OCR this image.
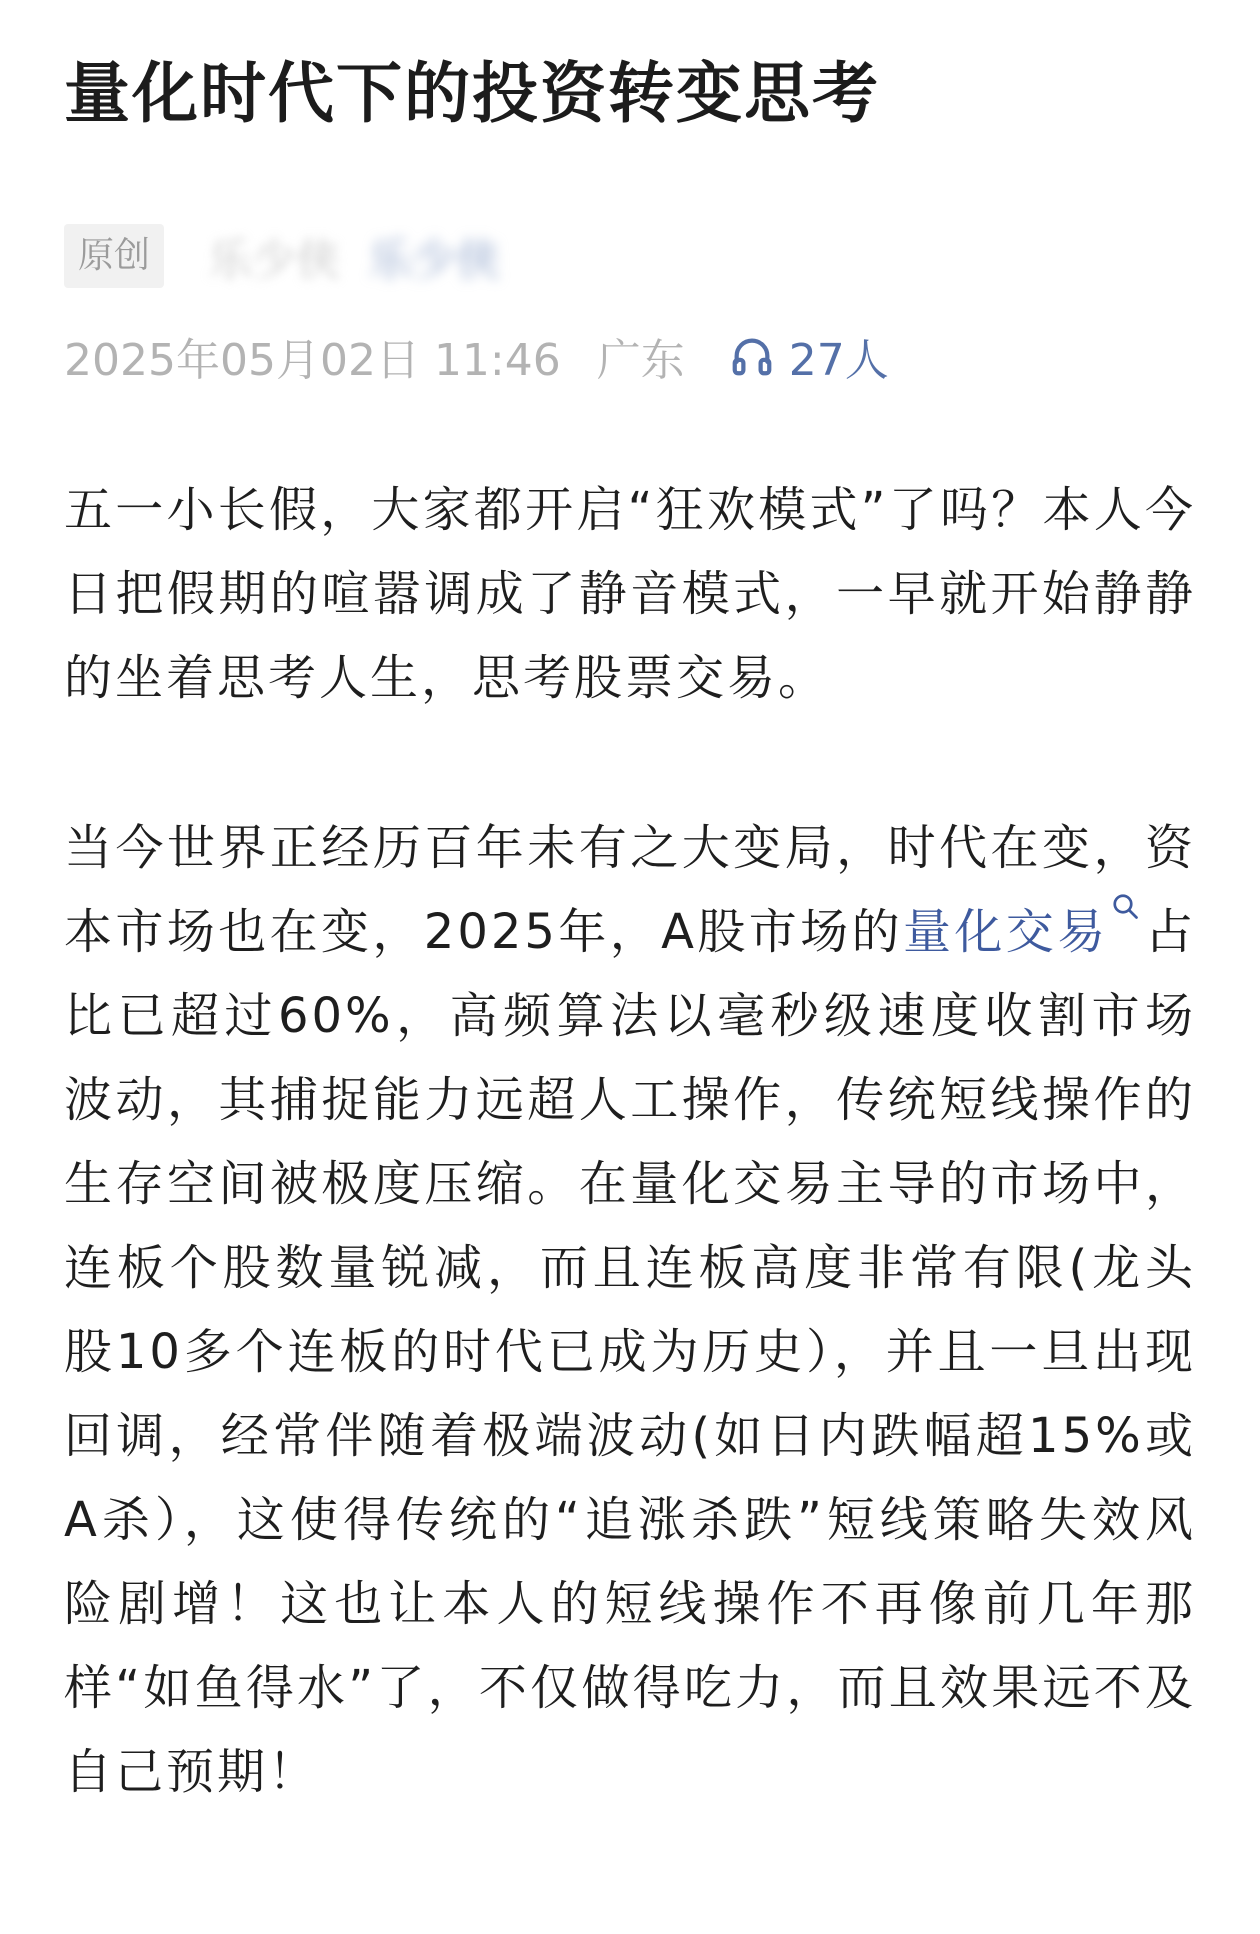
量化时代下的投资转变思考
原创	乐少侠 乐少侠
2025年05月02日 11:46 广东 27人

五一小长假，大家都开启“狂欢模式”了吗？本人今日把假期的喧嚣调成了静音模式，一早就开始静静的坐着思考人生，思考股票交易。

当今世界正经历百年未有之大变局，时代在变，资本市场也在变，2025年，A股市场的量化交易 占比已超过60%，高频算法以毫秒级速度收割市场波动，其捕捉能力远超人工操作，传统短线操作的生存空间被极度压缩。在量化交易主导的市场中，连板个股数量锐减，而且连板高度非常有限(龙头股10多个连板的时代已成为历史），并且一旦出现回调，经常伴随着极端波动(如日内跌幅超15%或A杀），这使得传统的“追涨杀跌”短线策略失效风险剧增！这也让本人的短线操作不再像前几年那样“如鱼得水”了，不仅做得吃力，而且效果远不及自己预期！
